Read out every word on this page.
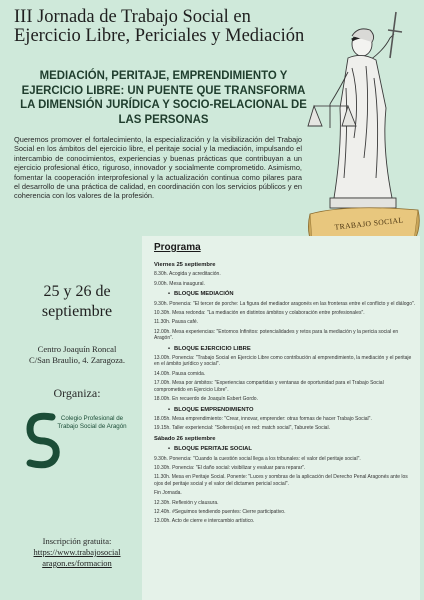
III Jornada de Trabajo Social en Ejercicio Libre, Periciales y Mediación
MEDIACIÓN, PERITAJE, EMPRENDIMIENTO Y EJERCICIO LIBRE: UN PUENTE QUE TRANSFORMA LA DIMENSIÓN JURÍDICA Y SOCIO-RELACIONAL DE LAS PERSONAS
Queremos promover el fortalecimiento, la especialización y la visibilización del Trabajo Social en los ámbitos del ejercicio libre, el peritaje social y la mediación, impulsando el intercambio de conocimientos, experiencias y buenas prácticas que contribuyan a un ejercicio profesional ético, riguroso, innovador y socialmente comprometido. Asimismo, fomentar la cooperación interprofesional y la actualización continua como pilares para el desarrollo de una práctica de calidad, en coordinación con los servicios públicos y en coherencia con los valores de la profesión.
TRABAJO SOCIAL
25 y 26 de septiembre
Centro Joaquín Roncal
C/San Braulio, 4. Zaragoza.
Organiza:
Colegio Profesional de Trabajo Social de Aragón
Inscripción gratuita:
https://www.trabajosocial
aragon.es/formacion
Programa
Viernes 25 septiembre
8.30h. Acogida y acreditación.
9.00h. Mesa inaugural.
• BLOQUE MEDIACIÓN
9.30h. Ponencia: "El tercer de porche: La figura del mediador aragonés en las fronteras entre el conflicto y el diálogo".
10.30h. Mesa redonda: "La mediación en distintos ámbitos y colaboración entre profesionales".
11.30h. Pausa café.
12.00h. Mesa experiencias: "Entornos Infinitos: potencialidades y retos para la mediación y la pericia social en Aragón".
• BLOQUE EJERCICIO LIBRE
13.00h. Ponencia: "Trabajo Social en Ejercicio Libre como contribución al emprendimiento, la mediación y el peritaje en el ámbito jurídico y social".
14.00h. Pausa comida.
17.00h. Mesa por ámbitos: "Experiencias compartidas y ventanas de oportunidad para el Trabajo Social comprometido en Ejercicio Libre".
18.00h. En recuerdo de Joaquín Esbert Gordo.
• BLOQUE EMPRENDIMIENTO
18.05h. Mesa emprendimiento: "Crear, innovar, emprender: otras formas de hacer Trabajo Social".
19.15h. Taller experiencial: "Solteros(as) en red: match social", Taburete Social.
Sábado 26 septiembre
• BLOQUE PERITAJE SOCIAL
9.30h. Ponencia: "Cuando la cuestión social llega a los tribunales: el valor del peritaje social".
10.30h. Ponencia: "El daño social: visibilizar y evaluar para reparar".
11.30h. Mesa en Peritaje Social. Ponente: "Luces y sombras de la aplicación del Derecho Penal Aragonés ante los ojos del peritaje social y el valor del dictamen pericial social".
Fin Jornada.
12.30h. Reflexión y clausura.
12.40h. #Seguimos tendiendo puentes: Cierre participativo.
13.00h. Acto de cierre e intercambio artístico.
